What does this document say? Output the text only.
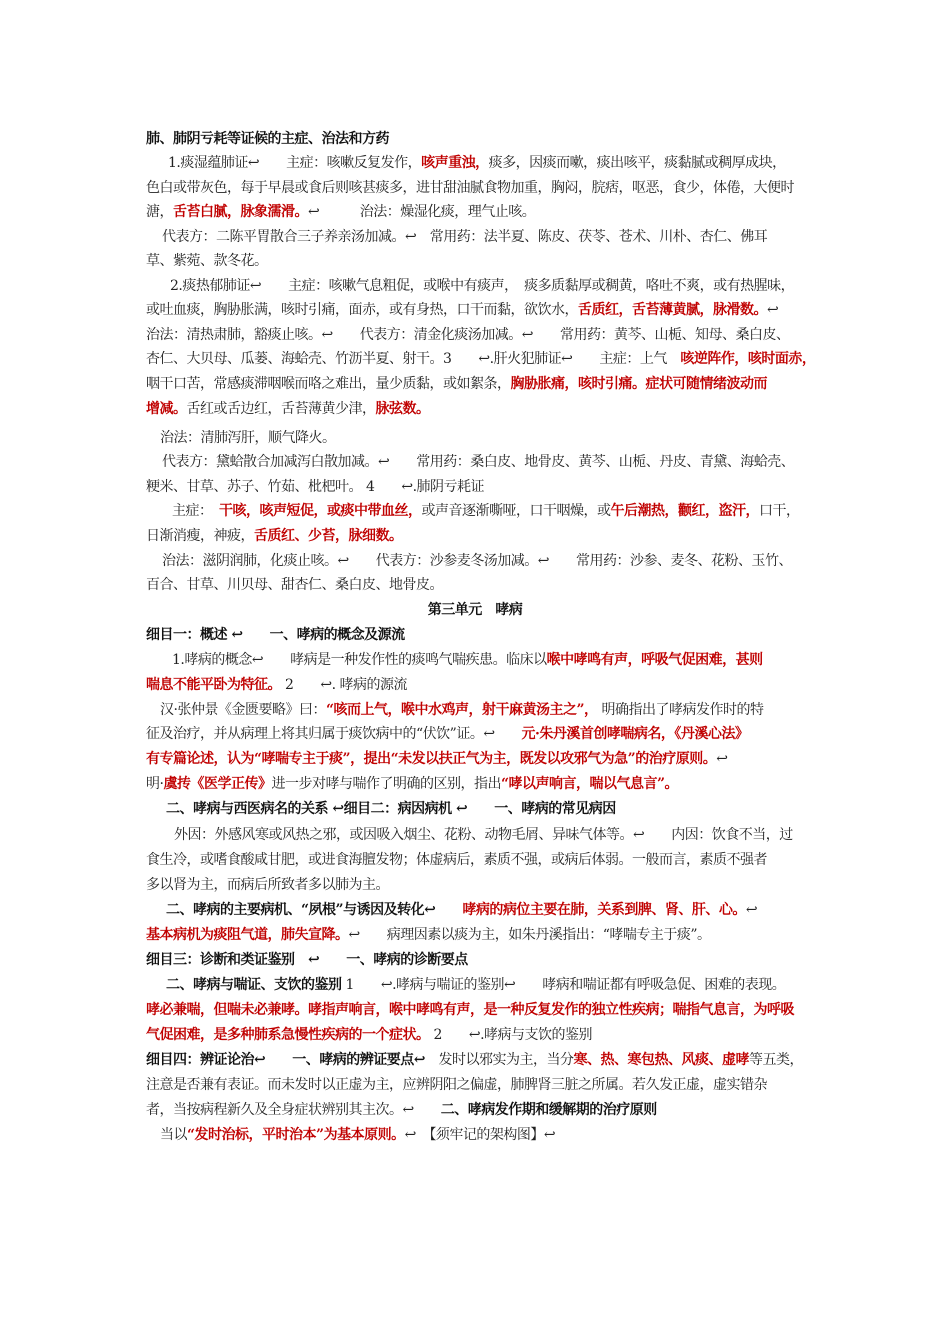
肺、肺阴亏耗等证候的主症、治法和方药
1.痰湿蕴肺证↩　　主症：咳嗽反复发作，咳声重浊，痰多，因痰而嗽，痰出咳平，痰黏腻或稠厚成块，
色白或带灰色，每于早晨或食后则咳甚痰多，进甘甜油腻食物加重，胸闷，脘痞，呕恶，食少，体倦，大便时
溏，舌苔白腻，脉象濡滑。↩　　　治法：燥湿化痰，理气止咳。
代表方：二陈平胃散合三子养亲汤加减。↩　常用药：法半夏、陈皮、茯苓、苍术、川朴、杏仁、佛耳
草、紫菀、款冬花。
2.痰热郁肺证↩　　主症：咳嗽气息粗促，或喉中有痰声，　痰多质黏厚或稠黄，咯吐不爽，或有热腥味，
或吐血痰，胸胁胀满，咳时引痛，面赤，或有身热，口干而黏，欲饮水，舌质红，舌苔薄黄腻，脉滑数。↩
治法：清热肃肺，豁痰止咳。↩　　代表方：清金化痰汤加减。↩　　常用药：黄芩、山栀、知母、桑白皮、
杏仁、大贝母、瓜蒌、海蛤壳、竹沥半夏、射干。3　　↩.肝火犯肺证↩　　主症：上气　咳逆阵作，咳时面赤，
咽干口苦，常感痰滞咽喉而咯之难出，量少质黏，或如絮条，胸胁胀痛，咳时引痛。症状可随情绪波动而
增减。舌红或舌边红，舌苔薄黄少津，脉弦数。
治法：清肺泻肝，顺气降火。
代表方：黛蛤散合加减泻白散加减。↩　　常用药：桑白皮、地骨皮、黄芩、山栀、丹皮、青黛、海蛤壳、
粳米、甘草、苏子、竹茹、枇杷叶。 4　　↩.肺阴亏耗证
主症：　干咳，咳声短促，或痰中带血丝，或声音逐渐嘶哑，口干咽燥，或午后潮热，颧红，盗汗，口干，
日渐消瘦，神疲，舌质红、少苔，脉细数。
治法：滋阴润肺，化痰止咳。↩　　代表方：沙参麦冬汤加减。↩　　常用药：沙参、麦冬、花粉、玉竹、
百合、甘草、川贝母、甜杏仁、桑白皮、地骨皮。
第三单元　哮病
细目一：概述 ↩　　一、哮病的概念及源流
1.哮病的概念↩　　哮病是一种发作性的痰鸣气喘疾患。临床以喉中哮鸣有声，呼吸气促困难，甚则
喘息不能平卧为特征。 2　　↩. 哮病的源流
汉·张仲景《金匮要略》曰：“咳而上气，喉中水鸡声，射干麻黄汤主之”， 明确指出了哮病发作时的特
征及治疗，并从病理上将其归属于痰饮病中的“伏饮”证。↩　　元·朱丹溪首创哮喘病名，《丹溪心法》
有专篇论述，认为“哮喘专主于痰”，提出“未发以扶正气为主，既发以攻邪气为急”的治疗原则。↩
明·虞抟《医学正传》进一步对哮与喘作了明确的区别，指出“哮以声响言，喘以气息言”。
二、哮病与西医病名的关系 ↩细目二：病因病机 ↩　　一、哮病的常见病因
外因：外感风寒或风热之邪，或因吸入烟尘、花粉、动物毛屑、异味气体等。↩　　内因：饮食不当，过
食生冷，或嗜食酸咸甘肥，或进食海膻发物；体虚病后，素质不强，或病后体弱。一般而言，素质不强者
多以肾为主，而病后所致者多以肺为主。
二、哮病的主要病机、“夙根”与诱因及转化↩　　哮病的病位主要在肺，关系到脾、肾、肝、心。↩
基本病机为痰阻气道，肺失宣降。↩　　病理因素以痰为主，如朱丹溪指出：“哮喘专主于痰”。
细目三：诊断和类证鉴别　↩　　一、哮病的诊断要点
二、哮病与喘证、支饮的鉴别 1　　↩.哮病与喘证的鉴别↩　　哮病和喘证都有呼吸急促、困难的表现。
哮必兼喘，但喘未必兼哮。哮指声响言，喉中哮鸣有声，是一种反复发作的独立性疾病；喘指气息言，为呼吸
气促困难，是多种肺系急慢性疾病的一个症状。 2　　↩.哮病与支饮的鉴别
细目四：辨证论治↩　　一、哮病的辨证要点↩　发时以邪实为主，当分寒、热、寒包热、风痰、虚哮等五类，
注意是否兼有表证。而未发时以正虚为主，应辨阴阳之偏虚，肺脾肾三脏之所属。若久发正虚，虚实错杂
者，当按病程新久及全身症状辨别其主次。↩　　二、哮病发作期和缓解期的治疗原则
当以“发时治标，平时治本”为基本原则。↩　【须牢记的架构图】↩
